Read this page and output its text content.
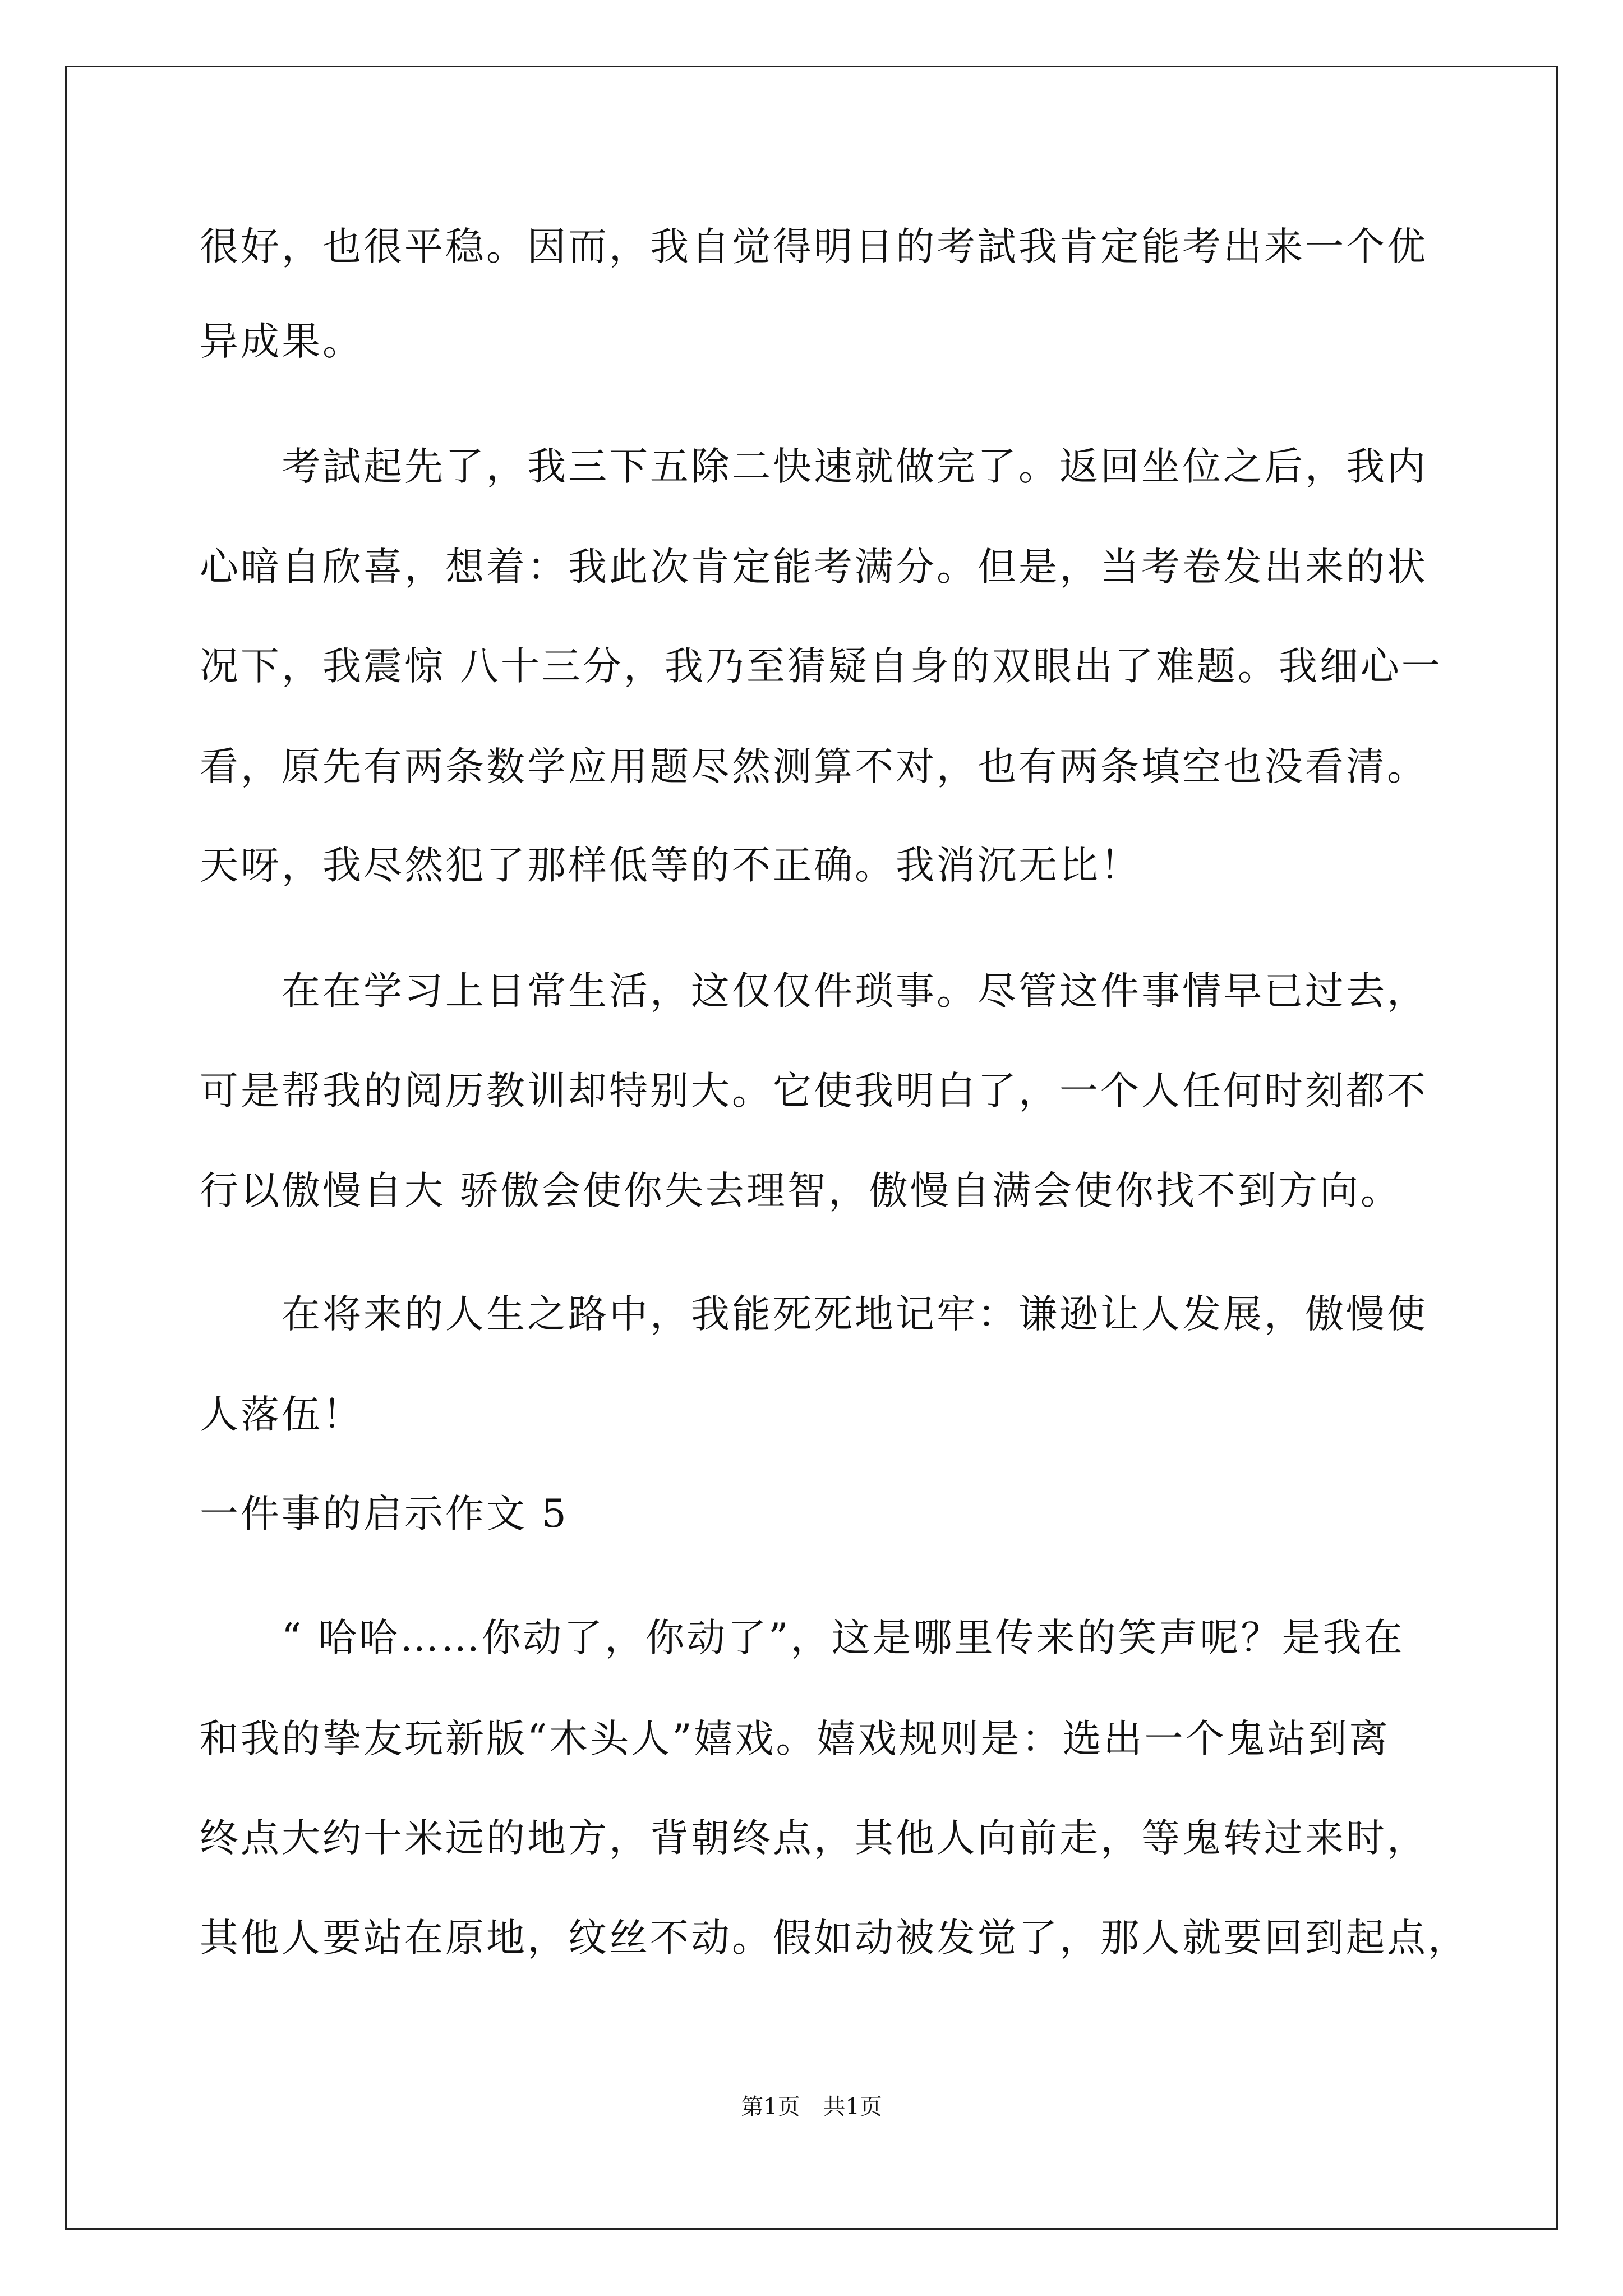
很好，也很平稳。因而，我自觉得明日的考試我肯定能考出来一个优
异成果。
考試起先了，我三下五除二快速就做完了。返回坐位之后，我内
心暗自欣喜，想着：我此次肯定能考满分。但是，当考卷发出来的状
况下，我震惊 八十三分，我乃至猜疑自身的双眼出了难题。我细心一
看，原先有两条数学应用题尽然测算不对，也有两条填空也没看清。
天呀，我尽然犯了那样低等的不正确。我消沉无比！
在在学习上日常生活，这仅仅件琐事。尽管这件事情早已过去，
可是帮我的阅历教训却特别大。它使我明白了，一个人任何时刻都不
行以傲慢自大 骄傲会使你失去理智，傲慢自满会使你找不到方向。
在将来的人生之路中，我能死死地记牢：谦逊让人发展，傲慢使
人落伍！
一件事的启示作文 5
“ 哈哈……你动了，你动了”，这是哪里传来的笑声呢？是我在
和我的挚友玩新版“木头人”嬉戏。嬉戏规则是：选出一个鬼站到离
终点大约十米远的地方，背朝终点，其他人向前走，等鬼转过来时，
其他人要站在原地，纹丝不动。假如动被发觉了，那人就要回到起点，
第1页 共1页
